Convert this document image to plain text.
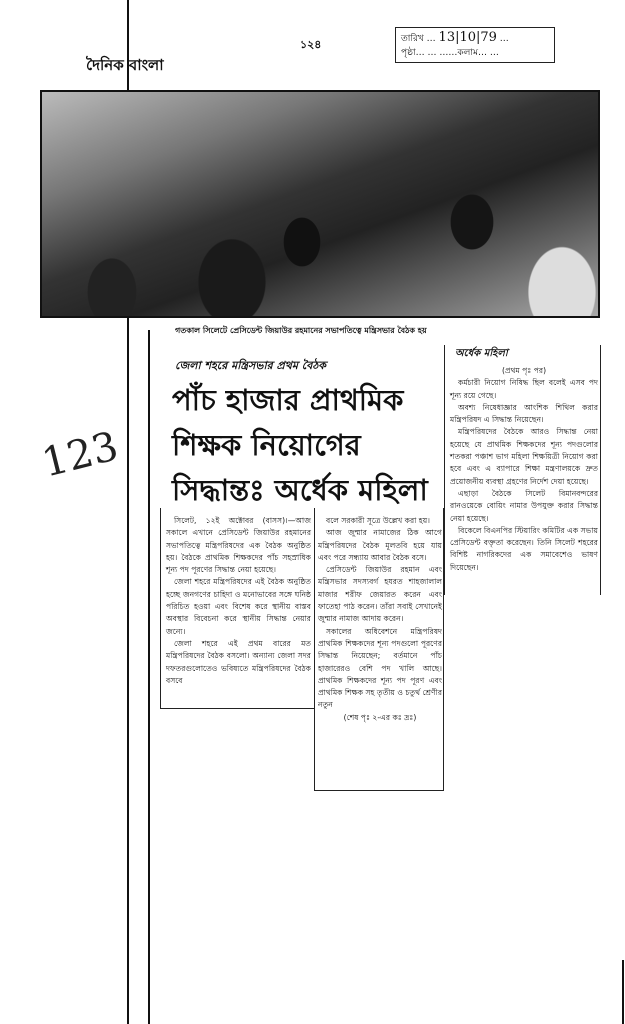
দৈনিক বাংলা
১২৪	তারিখ … 13|10|79 …
পৃষ্ঠা… … ……কলাম… …
গতকাল সিলেটে প্রেসিডেন্ট জিয়াউর রহমানের সভাপতিত্বে মন্ত্রিসভার বৈঠক হয়
123
জেলা শহরে মন্ত্রিসভার প্রথম বৈঠক
পাঁচ হাজার প্রাথমিক শিক্ষক নিয়োগের সিদ্ধান্তঃ অর্ধেক মহিলা

সিলেট, ১২ই অক্টোবর (বাসস)।—আজ সকালে এখানে প্রেসিডেন্ট জিয়াউর রহমানের সভাপতিত্বে মন্ত্রিপরিষদের এক বৈঠক অনুষ্ঠিত হয়। বৈঠকে প্রাথমিক শিক্ষকদের পাঁচ সহস্রাধিক শূন্য পদ পূরণের সিদ্ধান্ত নেয়া হয়েছে।

জেলা শহরে মন্ত্রিপরিষদের এই বৈঠক অনুষ্ঠিত হচ্ছে জনগণের চাহিদা ও মনোভাবের সঙ্গে ঘনিষ্ঠ পরিচিত হওয়া এবং বিশেষ করে স্থানীয় বাস্তব অবস্থার বিবেচনা করে স্থানীয় সিদ্ধান্ত নেয়ার জন্যে।

জেলা শহরে এই প্রথম বারের মত মন্ত্রিপরিষদের বৈঠক বসলো। অন্যান্য জেলা সদর দফতরগুলোতেও ভবিষ্যতে মন্ত্রিপরিষদের বৈঠক বসবে

বলে সরকারী সূত্রে উল্লেখ করা হয়।

আজ জুম্মার নামাজের ঠিক আগে মন্ত্রিপরিষদের বৈঠক মূলতবি হয়ে যায় এবং পরে সন্ধ্যায় আবার বৈঠক বসে।

প্রেসিডেন্ট জিয়াউর রহমান এবং মন্ত্রিসভার সদস্যবর্গ হযরত শাহজালাল মাজার শরীফ জেয়ারত করেন এবং ফাতেহা পাঠ করেন। তাঁরা সবাই সেখানেই জুম্মার নামাজ আদায় করেন।

সকালের অধিবেশনে মন্ত্রিপরিষদ প্রাথমিক শিক্ষকদের শূন্য পদগুলো পূরণের সিদ্ধান্ত নিয়েছেন; বর্তমানে পাঁচ হাজারেরও বেশি পদ খালি আছে। প্রাথমিক শিক্ষকদের শূন্য পদ পূরণ এবং প্রাথমিক শিক্ষক সহ তৃতীয় ও চতুর্থ শ্রেণীর নতুন

(শেষ পৃঃ ২-এর কঃ দ্রঃ)

অর্ধেক মহিলা

(প্রথম পৃঃ পর)

কর্মচারী নিয়োগ নিষিদ্ধ ছিল বলেই এসব পদ শূন্য রয়ে গেছে।

অবশ্য নিষেধাজ্ঞার আংশিক শিথিল করার মন্ত্রিপরিষদ এ সিদ্ধান্ত নিয়েছেন।

মন্ত্রিপরিষদের বৈঠকে আরও সিদ্ধান্ত নেয়া হয়েছে যে প্রাথমিক শিক্ষকদের শূন্য পদগুলোর শতকরা পঞ্চাশ ভাগ মহিলা শিক্ষয়িত্রী নিয়োগ করা হবে এবং এ ব্যাপারে শিক্ষা মন্ত্রণালয়কে দ্রুত প্রয়োজনীয় ব্যবস্থা গ্রহণের নির্দেশ দেয়া হয়েছে।

এছাড়া বৈঠকে সিলেট বিমানবন্দরের রানওয়েকে বোয়িং নামার উপযুক্ত করার সিদ্ধান্ত নেয়া হয়েছে।

বিকেলে বিএনপির স্টিয়ারিং কমিটির এক সভায় প্রেসিডেন্ট বক্তৃতা করেছেন। তিনি সিলেট শহরের বিশিষ্ট নাগরিকদের এক সমাবেশেও ভাষণ দিয়েছেন।
